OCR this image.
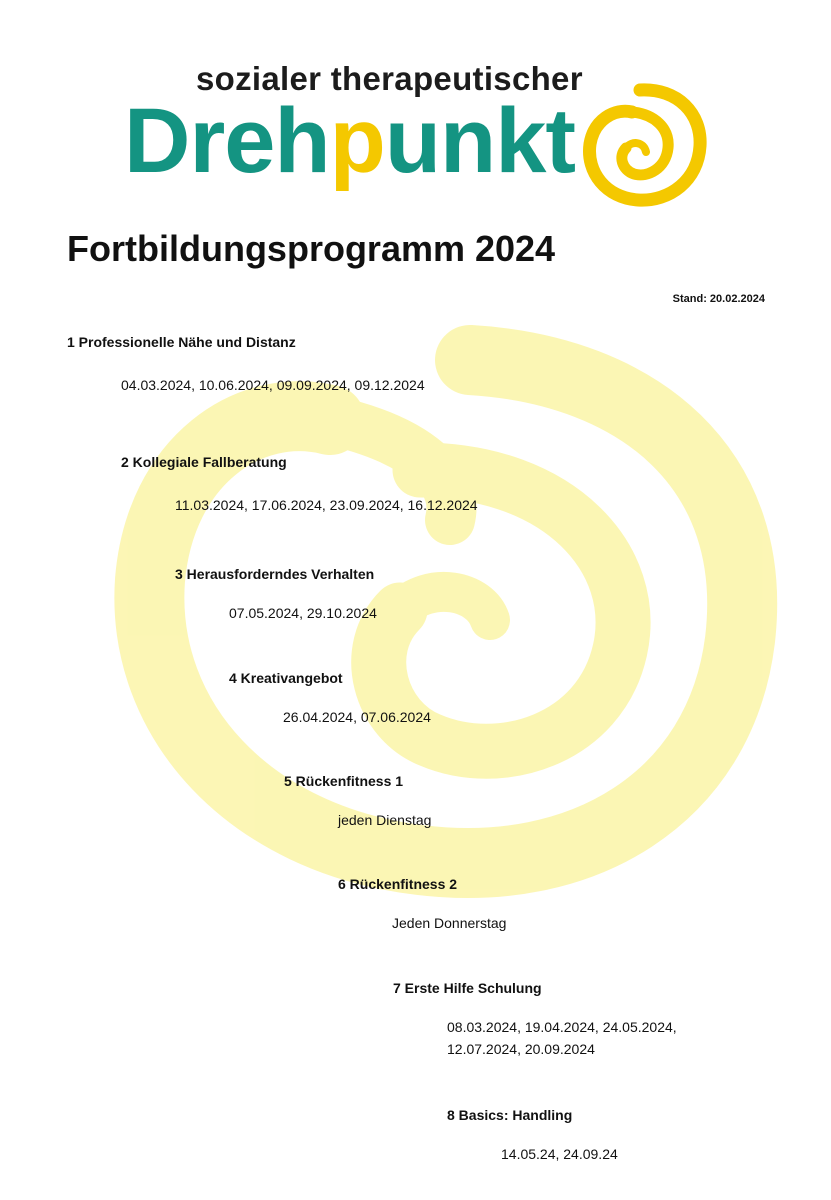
sozialer therapeutischer
Drehpunkt
Fortbildungsprogramm 2024
Stand: 20.02.2024
1 Professionelle Nähe und Distanz
04.03.2024, 10.06.2024, 09.09.2024, 09.12.2024
2 Kollegiale Fallberatung
11.03.2024, 17.06.2024, 23.09.2024, 16.12.2024
3 Herausforderndes Verhalten
07.05.2024, 29.10.2024
4 Kreativangebot
26.04.2024, 07.06.2024
5 Rückenfitness 1
jeden Dienstag
6 Rückenfitness 2
Jeden Donnerstag
7 Erste Hilfe Schulung
08.03.2024, 19.04.2024, 24.05.2024, 12.07.2024, 20.09.2024
8 Basics: Handling
14.05.24, 24.09.24
